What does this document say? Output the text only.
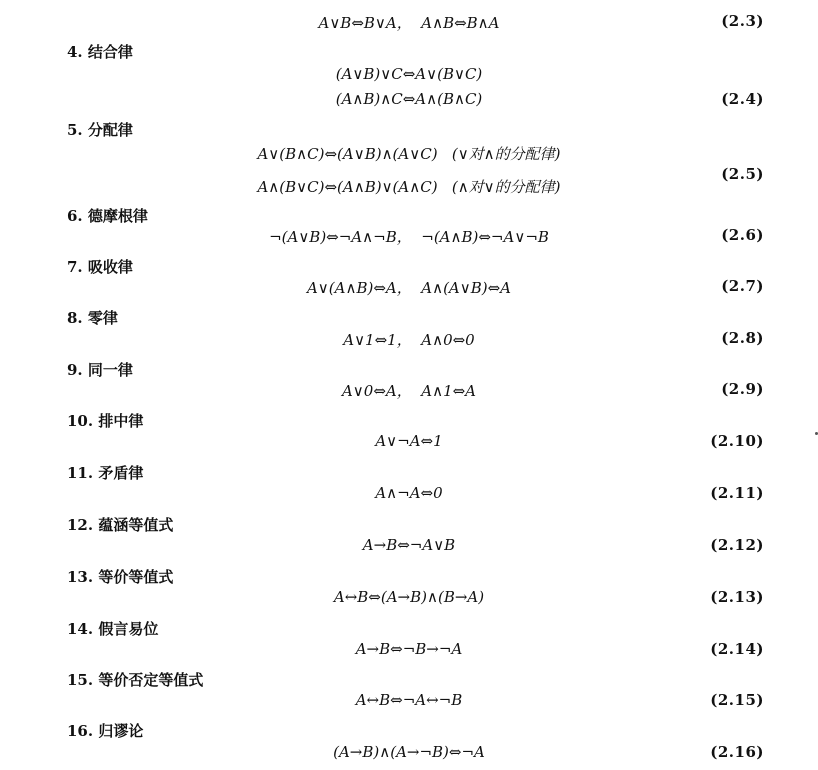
A∨B⇔B∨A，  A∧B⇔B∧A	(2.3)
4. 结合律
(A∨B)∨C⇔A∨(B∨C)
(A∧B)∧C⇔A∧(B∧C)	(2.4)
5. 分配律
A∨(B∧C)⇔(A∨B)∧(A∨C)   (∨对∧的分配律)
A∧(B∨C)⇔(A∧B)∨(A∧C)   (∧对∨的分配律)
(2.5)
6. 德摩根律
¬(A∨B)⇔¬A∧¬B，  ¬(A∧B)⇔¬A∨¬B	(2.6)
7. 吸收律
A∨(A∧B)⇔A，  A∧(A∨B)⇔A	(2.7)
8. 零律
A∨1⇔1，  A∧0⇔0	(2.8)
9. 同一律
A∨0⇔A，  A∧1⇔A	(2.9)
10. 排中律
A∨¬A⇔1	(2.10)
11. 矛盾律
A∧¬A⇔0	(2.11)
12. 蕴涵等值式
A→B⇔¬A∨B	(2.12)
13. 等价等值式
A↔B⇔(A→B)∧(B→A)	(2.13)
14. 假言易位
A→B⇔¬B→¬A	(2.14)
15. 等价否定等值式
A↔B⇔¬A↔¬B	(2.15)
16. 归谬论
(A→B)∧(A→¬B)⇔¬A	(2.16)
